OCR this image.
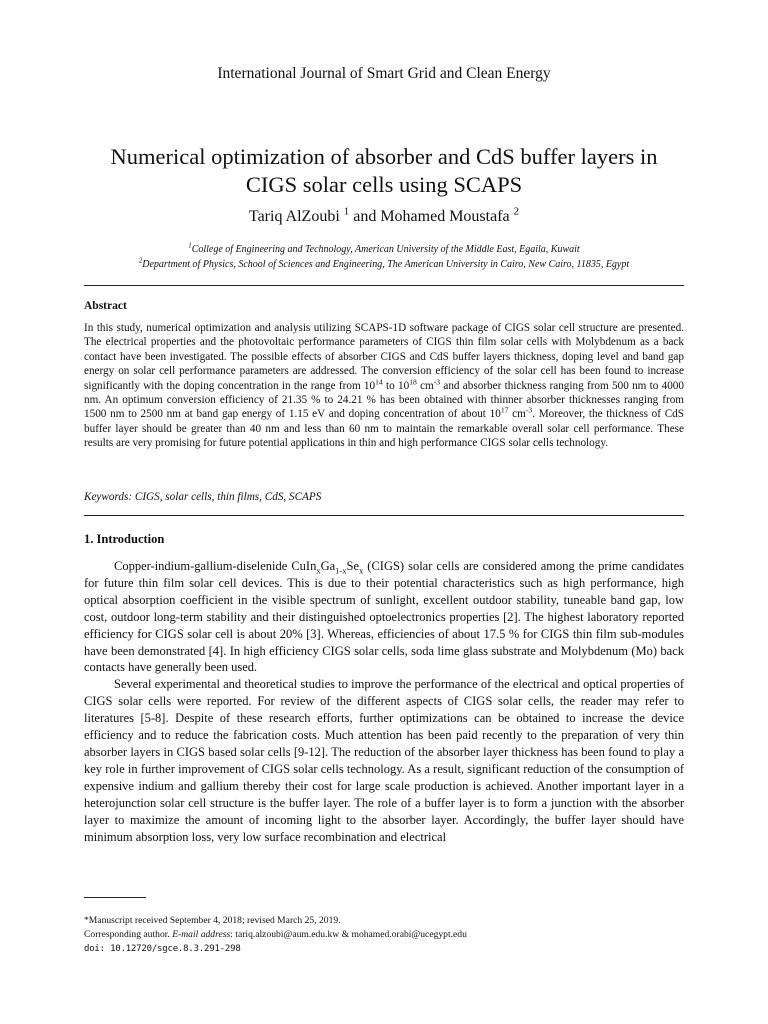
International Journal of Smart Grid and Clean Energy
Numerical optimization of absorber and CdS buffer layers in
CIGS solar cells using SCAPS
Tariq AlZoubi $^1$ and Mohamed Moustafa $^2$
$^1$College of Engineering and Technology, American University of the Middle East, Egaila, Kuwait
$^2$Department of Physics, School of Sciences and Engineering, The American University in Cairo, New Cairo, 11835, Egypt
Abstract

In this study, numerical optimization and analysis utilizing SCAPS-1D software package of CIGS solar cell structure are presented. The electrical properties and the photovoltaic performance parameters of CIGS thin film solar cells with Molybdenum as a back contact have been investigated. The possible effects of absorber CIGS and CdS buffer layers thickness, doping level and band gap energy on solar cell performance parameters are addressed. The conversion efficiency of the solar cell has been found to increase significantly with the doping concentration in the range from $10^{14}$ to $10^{18}$ $cm^{-3}$ and absorber thickness ranging from 500 nm to 4000 nm. An optimum conversion efficiency of 21.35 % to 24.21 % has been obtained with thinner absorber thicknesses ranging from 1500 nm to 2500 nm at band gap energy of 1.15 eV and doping concentration of about $10^{17}$ $cm^{-3}$. Moreover, the thickness of CdS buffer layer should be greater than 40 nm and less than 60 nm to maintain the remarkable overall solar cell performance. These results are very promising for future potential applications in thin and high performance CIGS solar cells technology.

Keywords: CIGS, solar cells, thin films, CdS, SCAPS
1. Introduction

Copper-indium-gallium-diselenide $CuIn_xGa_{1-x}Se_x$ (CIGS) solar cells are considered among the prime candidates for future thin film solar cell devices. This is due to their potential characteristics such as high performance, high optical absorption coefficient in the visible spectrum of sunlight, excellent outdoor stability, tuneable band gap, low cost, outdoor long-term stability and their distinguished optoelectronics properties [2]. The highest laboratory reported efficiency for CIGS solar cell is about 20% [3]. Whereas, efficiencies of about 17.5 % for CIGS thin film sub-modules have been demonstrated [4]. In high efficiency CIGS solar cells, soda lime glass substrate and Molybdenum (Mo) back contacts have generally been used.

Several experimental and theoretical studies to improve the performance of the electrical and optical properties of CIGS solar cells were reported. For review of the different aspects of CIGS solar cells, the reader may refer to literatures [5-8]. Despite of these research efforts, further optimizations can be obtained to increase the device efficiency and to reduce the fabrication costs. Much attention has been paid recently to the preparation of very thin absorber layers in CIGS based solar cells [9-12]. The reduction of the absorber layer thickness has been found to play a key role in further improvement of CIGS solar cells technology. As a result, significant reduction of the consumption of expensive indium and gallium thereby their cost for large scale production is achieved. Another important layer in a heterojunction solar cell structure is the buffer layer. The role of a buffer layer is to form a junction with the absorber layer to maximize the amount of incoming light to the absorber layer. Accordingly, the buffer layer should have minimum absorption loss, very low surface recombination and electrical

*Manuscript received September 4, 2018; revised March 25, 2019.
Corresponding author. E-mail address: tariq.alzoubi@aum.edu.kw & mohamed.orabi@ucegypt.edu
doi: 10.12720/sgce.8.3.291-298
